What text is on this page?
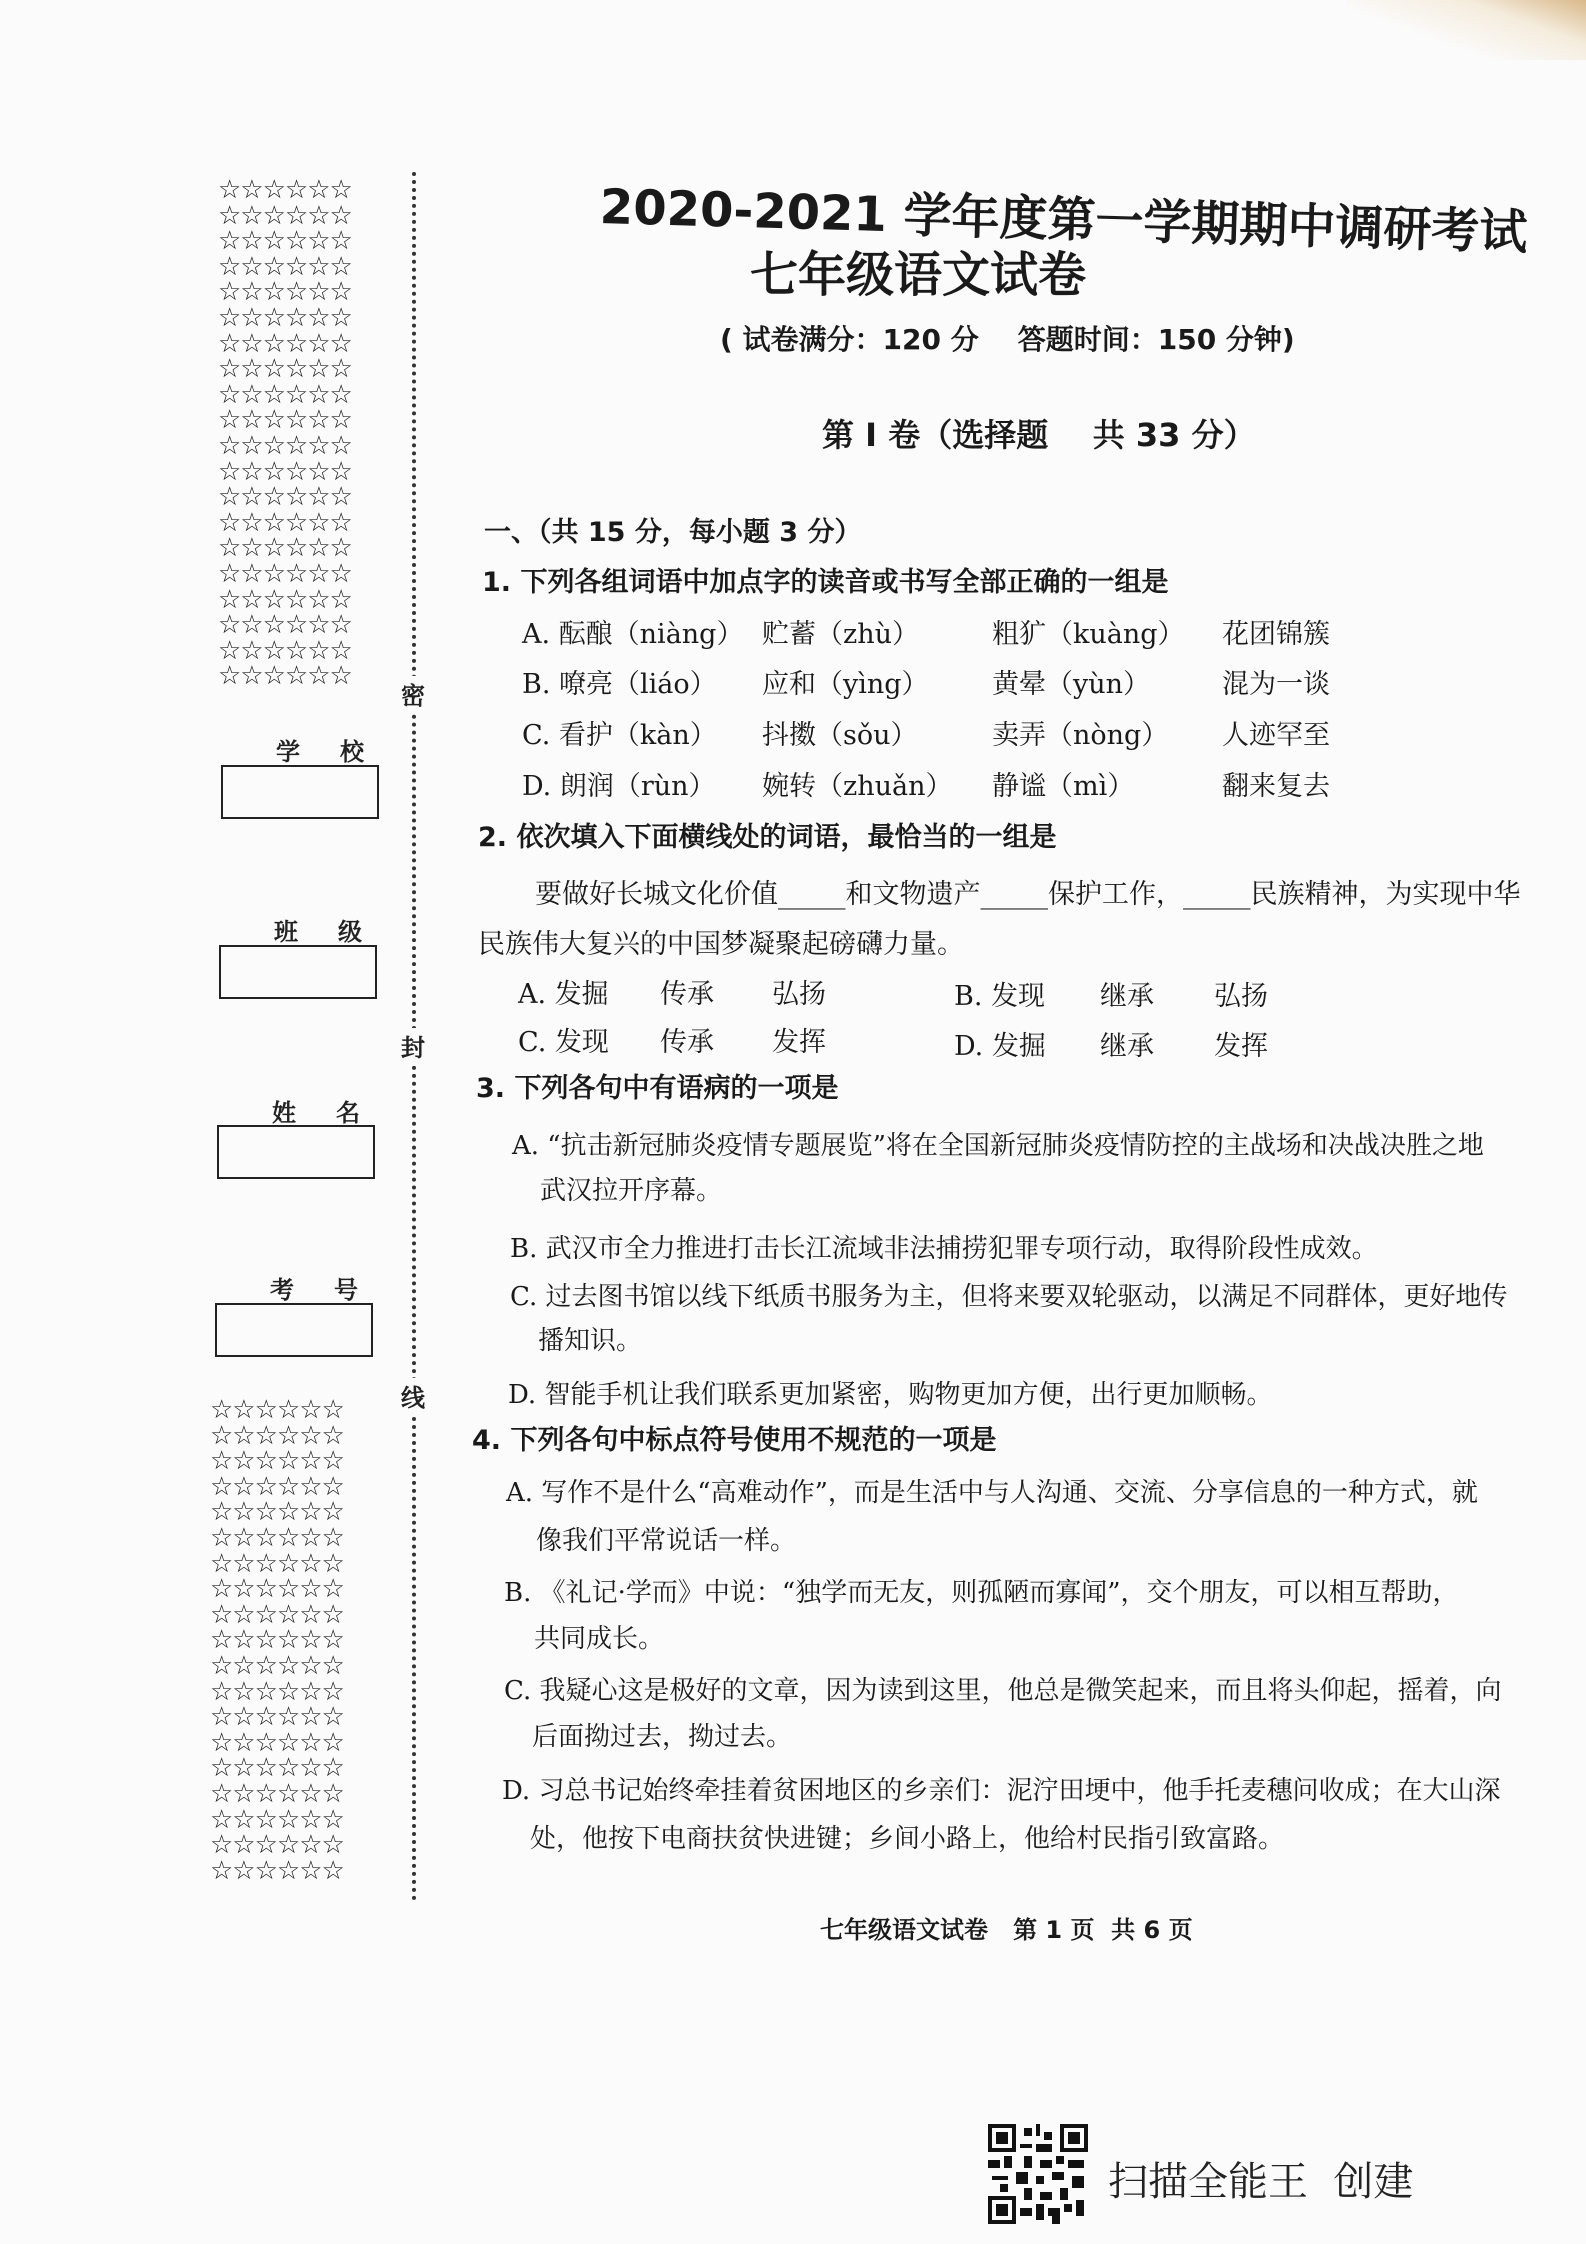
☆☆☆☆☆☆
☆☆☆☆☆☆
☆☆☆☆☆☆
☆☆☆☆☆☆
☆☆☆☆☆☆
☆☆☆☆☆☆
☆☆☆☆☆☆
☆☆☆☆☆☆
☆☆☆☆☆☆
☆☆☆☆☆☆
☆☆☆☆☆☆
☆☆☆☆☆☆
☆☆☆☆☆☆
☆☆☆☆☆☆
☆☆☆☆☆☆
☆☆☆☆☆☆
☆☆☆☆☆☆
☆☆☆☆☆☆
☆☆☆☆☆☆
☆☆☆☆☆☆
☆☆☆☆☆☆
☆☆☆☆☆☆
☆☆☆☆☆☆
☆☆☆☆☆☆
☆☆☆☆☆☆
☆☆☆☆☆☆
☆☆☆☆☆☆
☆☆☆☆☆☆
☆☆☆☆☆☆
☆☆☆☆☆☆
☆☆☆☆☆☆
☆☆☆☆☆☆
☆☆☆☆☆☆
☆☆☆☆☆☆
☆☆☆☆☆☆
☆☆☆☆☆☆
☆☆☆☆☆☆
☆☆☆☆☆☆
☆☆☆☆☆☆
密
封
线
学校
班级
姓名
考号
2020-2021 学年度第一学期期中调研考试
七年级语文试卷
( 试卷满分：120 分    答题时间：150 分钟)
第 I 卷（选择题    共 33 分）
一、（共 15 分，每小题 3 分）
1. 下列各组词语中加点字的读音或书写全部正确的一组是
A. 酝酿（niàng） 贮蓄（zhù）	粗犷（kuàng） 花团锦簇
B. 嘹亮（liáo） 应和（yìng） 黄晕（yùn）	混为一谈
C. 看护（kàn） 抖擞（sǒu）	卖弄（nòng） 人迹罕至
D. 朗润（rùn） 婉转（zhuǎn） 静谧（mì）	翻来复去
2. 依次填入下面横线处的词语，最恰当的一组是
要做好长城文化价值_____和文物遗产_____保护工作，_____民族精神，为实现中华
民族伟大复兴的中国梦凝聚起磅礴力量。
A. 发掘 传承 弘扬	B. 发现 继承 弘扬
C. 发现 传承 发挥	D. 发掘 继承 发挥
3. 下列各句中有语病的一项是
A. “抗击新冠肺炎疫情专题展览”将在全国新冠肺炎疫情防控的主战场和决战决胜之地
武汉拉开序幕。
B. 武汉市全力推进打击长江流域非法捕捞犯罪专项行动，取得阶段性成效。
C. 过去图书馆以线下纸质书服务为主，但将来要双轮驱动，以满足不同群体，更好地传
播知识。
D. 智能手机让我们联系更加紧密，购物更加方便，出行更加顺畅。
4. 下列各句中标点符号使用不规范的一项是
A. 写作不是什么“高难动作”，而是生活中与人沟通、交流、分享信息的一种方式，就
像我们平常说话一样。
B. 《礼记·学而》中说：“独学而无友，则孤陋而寡闻”，交个朋友，可以相互帮助，
共同成长。
C. 我疑心这是极好的文章，因为读到这里，他总是微笑起来，而且将头仰起，摇着，向
后面拗过去，拗过去。
D. 习总书记始终牵挂着贫困地区的乡亲们：泥泞田埂中，他手托麦穗问收成；在大山深
处，他按下电商扶贫快进键；乡间小路上，他给村民指引致富路。
七年级语文试卷   第 1 页  共 6 页
扫描全能王  创建
